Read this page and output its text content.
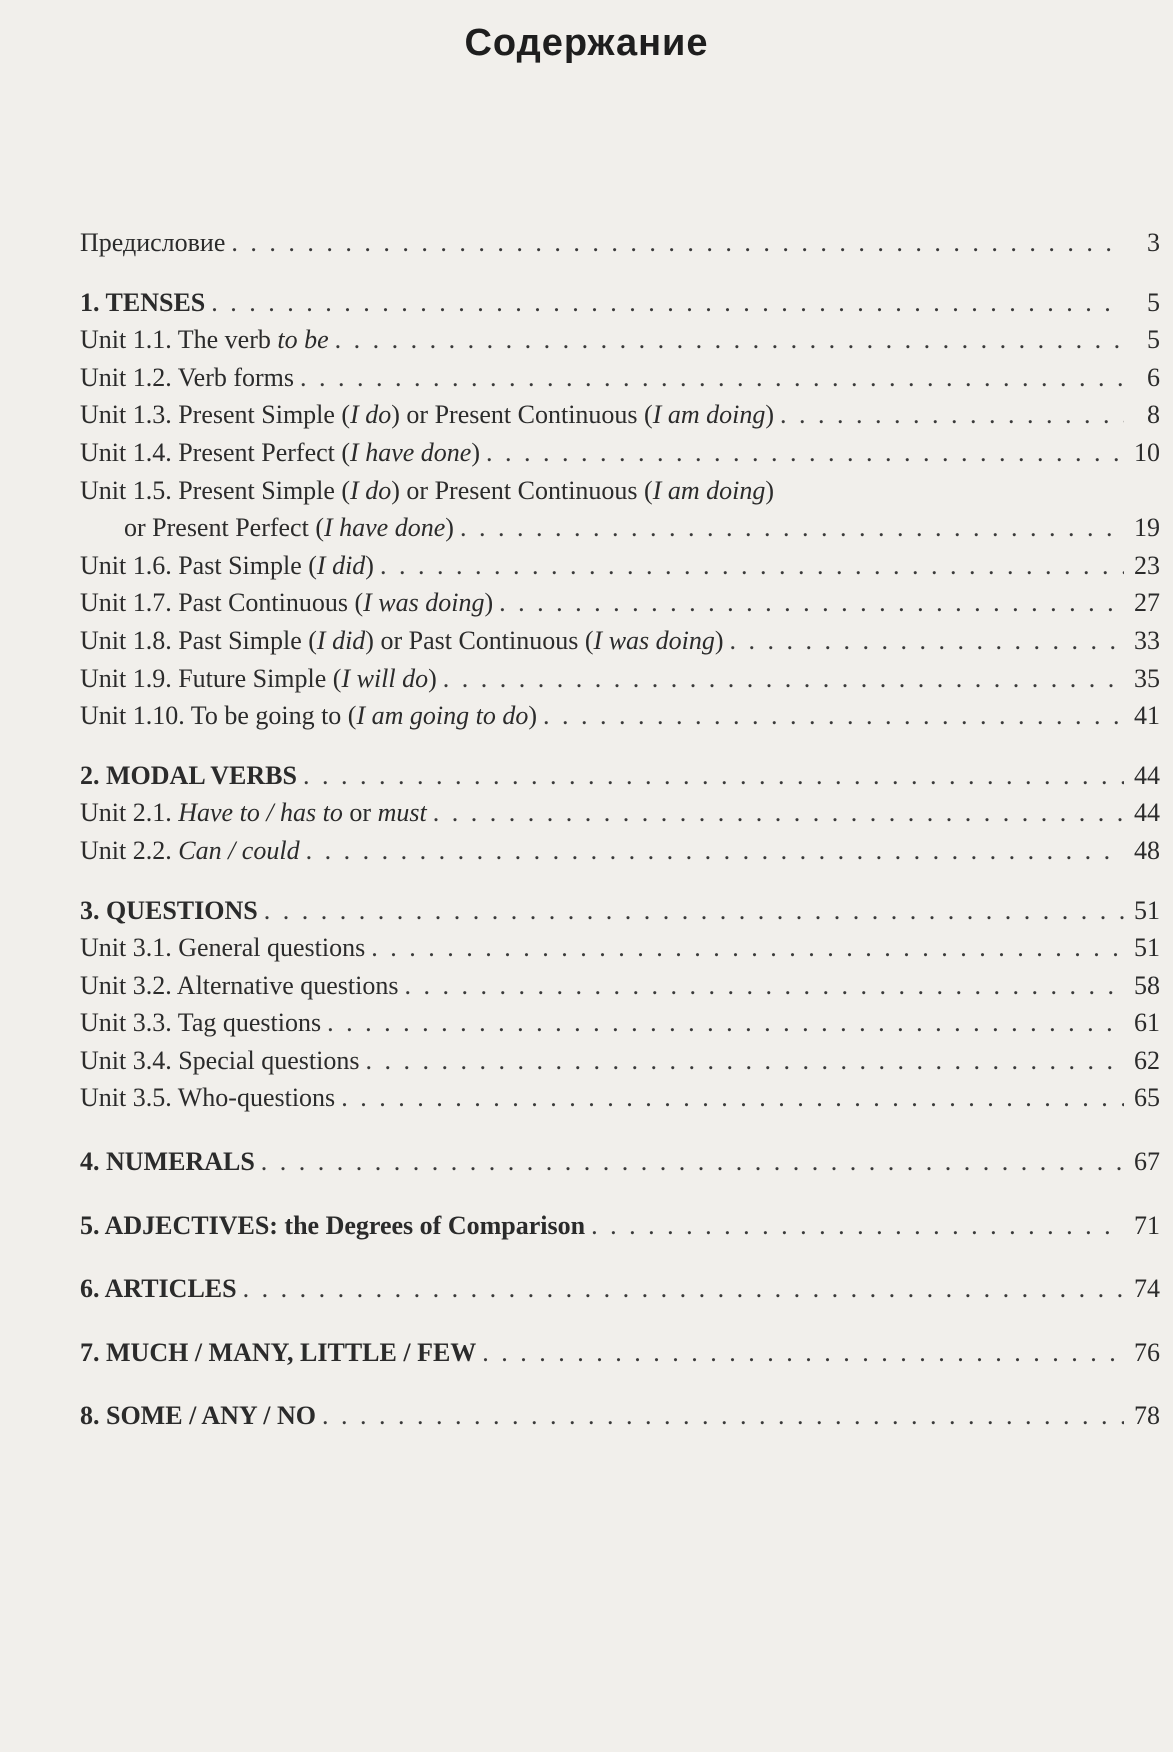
Содержание
Предисловие . . .	3
1. TENSES . . .	5
Unit 1.1. The verb to be . . .	5
Unit 1.2. Verb forms . . .	6
Unit 1.3. Present Simple (I do) or Present Continuous (I am doing) . . .	8
Unit 1.4. Present Perfect (I have done) . . .	10
Unit 1.5. Present Simple (I do) or Present Continuous (I am doing)
or Present Perfect (I have done) . . .	19
Unit 1.6. Past Simple (I did) . . .	23
Unit 1.7. Past Continuous (I was doing) . . .	27
Unit 1.8. Past Simple (I did) or Past Continuous (I was doing) . . .	33
Unit 1.9. Future Simple (I will do) . . .	35
Unit 1.10. To be going to (I am going to do) . . .	41
2. MODAL VERBS . . .	44
Unit 2.1. Have to / has to or must . . .	44
Unit 2.2. Can / could . . .	48
3. QUESTIONS . . .	51
Unit 3.1. General questions . . .	51
Unit 3.2. Alternative questions . . .	58
Unit 3.3. Tag questions . . .	61
Unit 3.4. Special questions . . .	62
Unit 3.5. Who-questions . . .	65
4. NUMERALS . . .	67
5. ADJECTIVES: the Degrees of Comparison . . .	71
6. ARTICLES . . .	74
7. MUCH / MANY, LITTLE / FEW . . .	76
8. SOME / ANY / NO . . .	78
